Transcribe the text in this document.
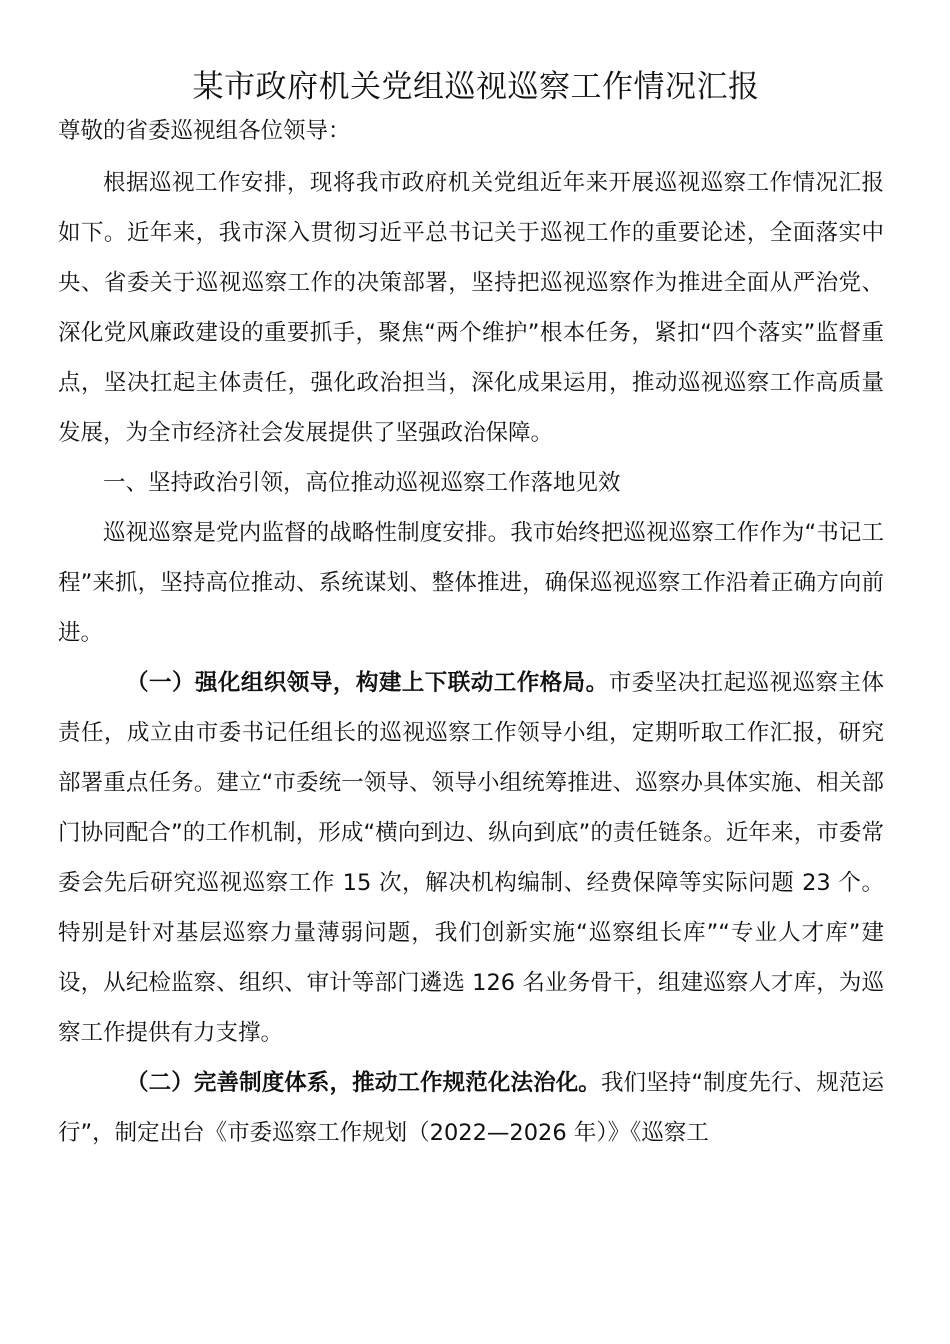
某市政府机关党组巡视巡察工作情况汇报
尊敬的省委巡视组各位领导：

根据巡视工作安排，现将我市政府机关党组近年来开展巡视巡察工作情况汇报如下。近年来，我市深入贯彻习近平总书记关于巡视工作的重要论述，全面落实中央、省委关于巡视巡察工作的决策部署，坚持把巡视巡察作为推进全面从严治党、深化党风廉政建设的重要抓手，聚焦“两个维护”根本任务，紧扣“四个落实”监督重点，坚决扛起主体责任，强化政治担当，深化成果运用，推动巡视巡察工作高质量发展，为全市经济社会发展提供了坚强政治保障。

一、坚持政治引领，高位推动巡视巡察工作落地见效

巡视巡察是党内监督的战略性制度安排。我市始终把巡视巡察工作作为“书记工程”来抓，坚持高位推动、系统谋划、整体推进，确保巡视巡察工作沿着正确方向前进。

（一）强化组织领导，构建上下联动工作格局。市委坚决扛起巡视巡察主体责任，成立由市委书记任组长的巡视巡察工作领导小组，定期听取工作汇报，研究部署重点任务。建立“市委统一领导、领导小组统筹推进、巡察办具体实施、相关部门协同配合”的工作机制，形成“横向到边、纵向到底”的责任链条。近年来，市委常委会先后研究巡视巡察工作 15 次，解决机构编制、经费保障等实际问题 23 个。特别是针对基层巡察力量薄弱问题，我们创新实施“巡察组长库”“专业人才库”建设，从纪检监察、组织、审计等部门遴选 126 名业务骨干，组建巡察人才库，为巡察工作提供有力支撑。

（二）完善制度体系，推动工作规范化法治化。我们坚持“制度先行、规范运行”，制定出台《市委巡察工作规划（2022—2026 年）》《巡察工
